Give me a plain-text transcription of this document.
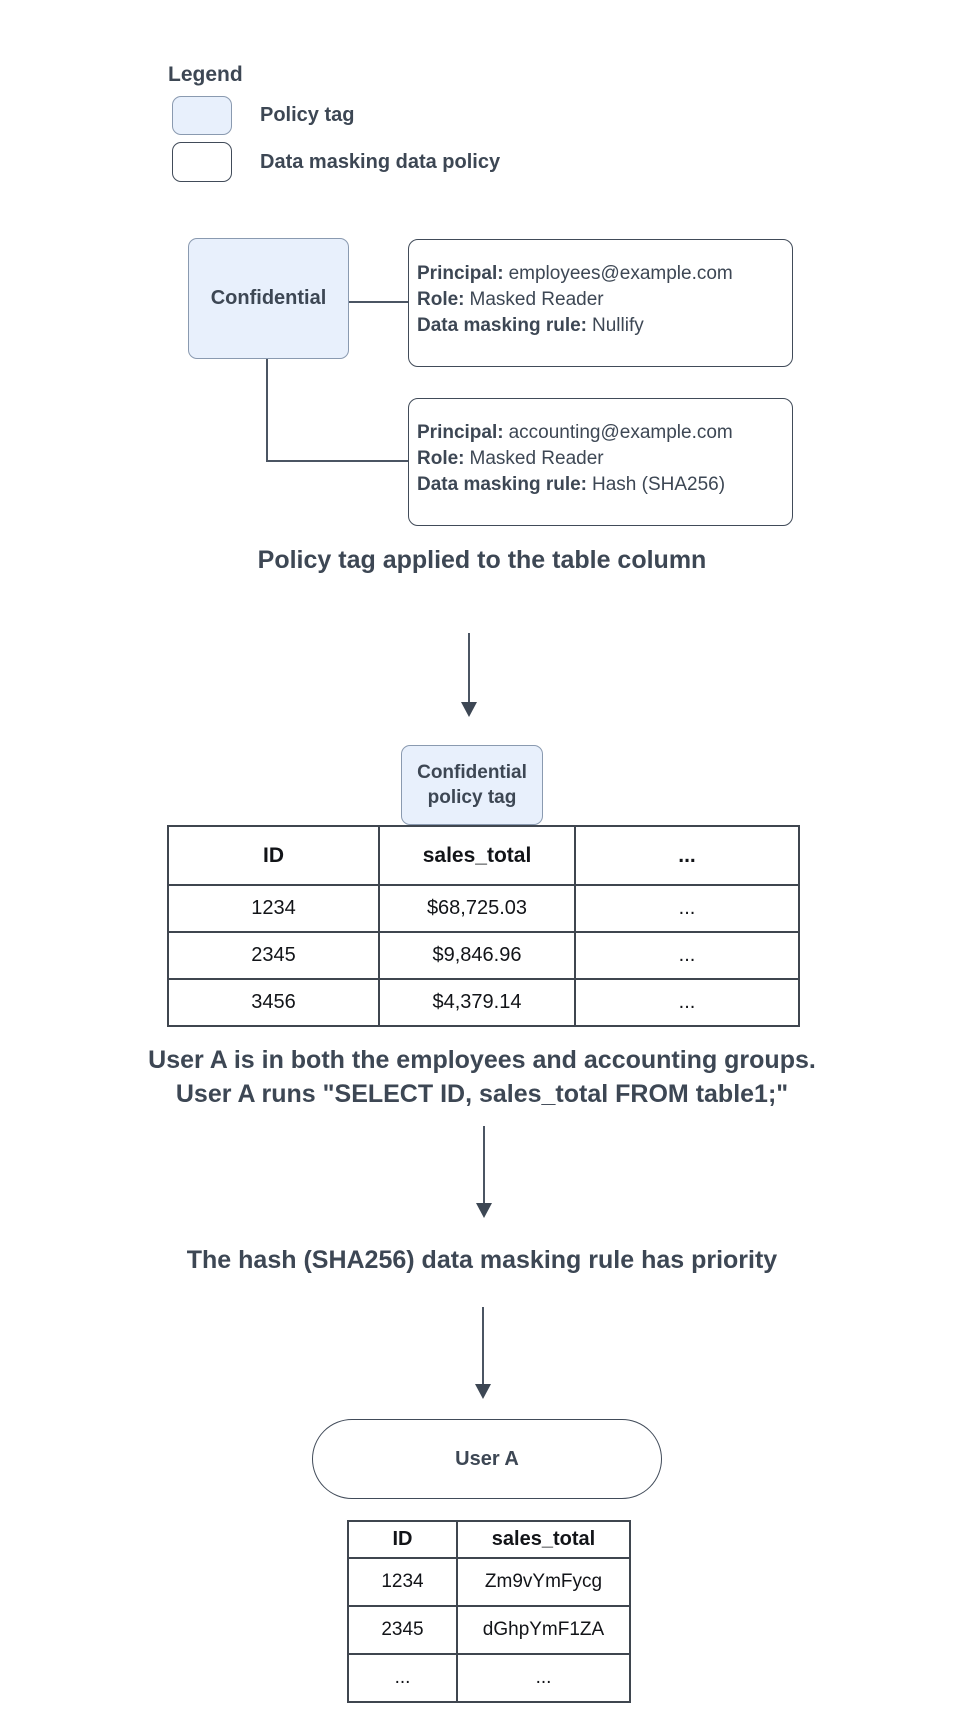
Legend
Policy tag
Data masking data policy
Confidential
Principal: employees@example.com
Role: Masked Reader
Data masking rule: Nullify
Principal: accounting@example.com
Role: Masked Reader
Data masking rule: Hash (SHA256)
Policy tag applied to the table column
Confidential policy tag
ID	sales_total	...
1234	$68,725.03	...
2345	$9,846.96	...
3456	$4,379.14	...
User A is in both the employees and accounting groups.
User A runs "SELECT ID, sales_total FROM table1;"
The hash (SHA256) data masking rule has priority
User A
ID	sales_total
1234	Zm9vYmFycg
2345	dGhpYmF1ZA
...	...
